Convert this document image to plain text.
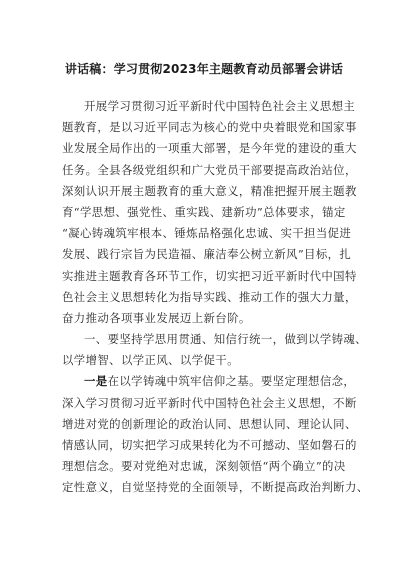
讲话稿：学习贯彻2023年主题教育动员部署会讲话
开展学习贯彻习近平新时代中国特色社会主义思想主
题教育，是以习近平同志为核心的党中央着眼党和国家事
业发展全局作出的一项重大部署，是今年党的建设的重大
任务。全县各级党组织和广大党员干部要提高政治站位，
深刻认识开展主题教育的重大意义，精准把握开展主题教
育“学思想、强党性、重实践、建新功”总体要求，锚定
“凝心铸魂筑牢根本、锤炼品格强化忠诚、实干担当促进
发展、践行宗旨为民造福、廉洁奉公树立新风”目标，扎
实推进主题教育各环节工作，切实把习近平新时代中国特
色社会主义思想转化为指导实践、推动工作的强大力量，
奋力推动各项事业发展迈上新台阶。
一、要坚持学思用贯通、知信行统一，做到以学铸魂、
以学增智、以学正风、以学促干。
一是在以学铸魂中筑牢信仰之基。要坚定理想信念，
深入学习贯彻习近平新时代中国特色社会主义思想，不断
增进对党的创新理论的政治认同、思想认同、理论认同、
情感认同，切实把学习成果转化为不可撼动、坚如磐石的
理想信念。要对党绝对忠诚，深刻领悟“两个确立”的决
定性意义，自觉坚持党的全面领导，不断提高政治判断力、
